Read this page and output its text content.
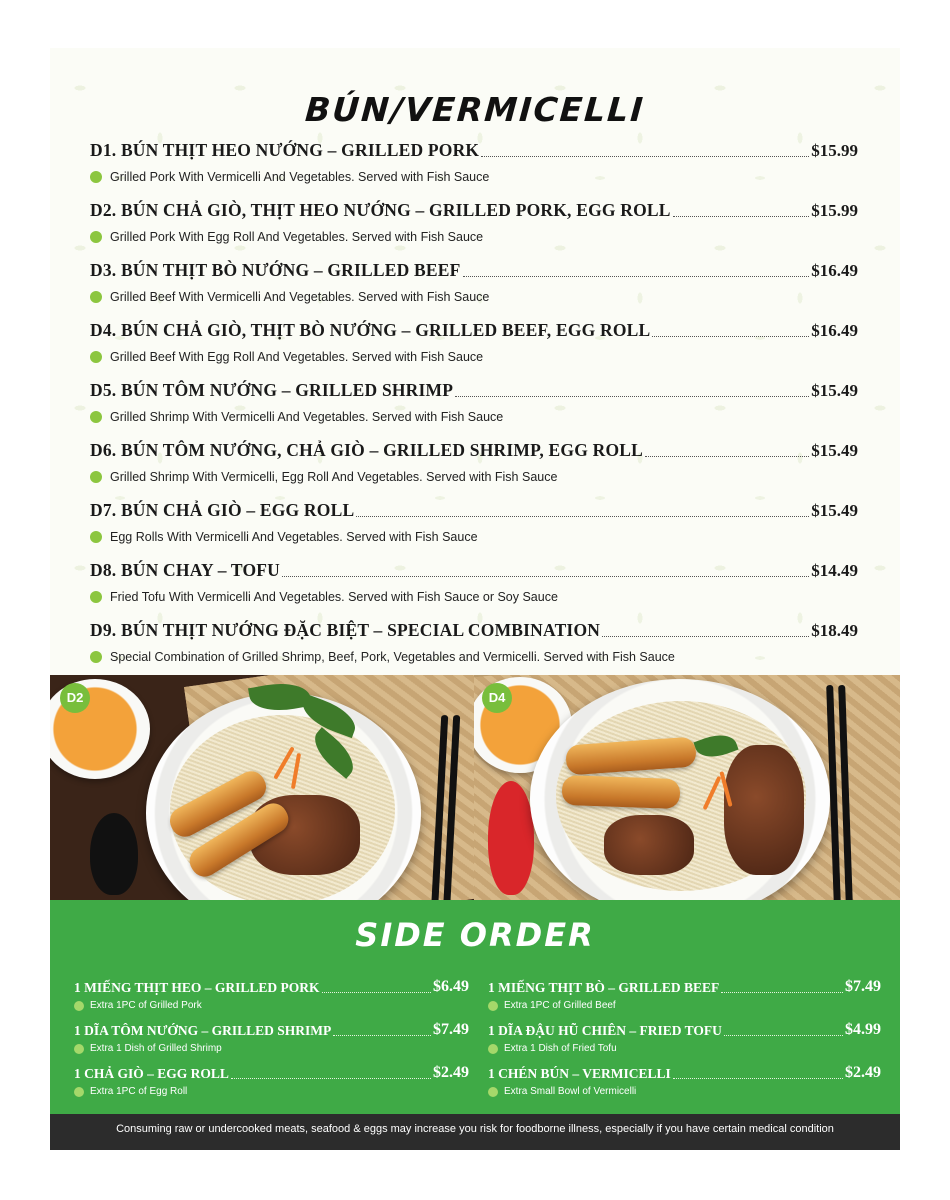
BÚN/VERMICELLI
D1. BÚN THỊT HEO NƯỚNG – GRILLED PORK	$15.99
Grilled Pork With Vermicelli And Vegetables. Served with Fish Sauce
D2. BÚN CHẢ GIÒ, THỊT HEO NƯỚNG – GRILLED PORK, EGG ROLL	$15.99
Grilled Pork With Egg Roll And Vegetables. Served with Fish Sauce
D3. BÚN THỊT BÒ NƯỚNG – GRILLED BEEF	$16.49
Grilled Beef With Vermicelli And Vegetables. Served with Fish Sauce
D4. BÚN CHẢ GIÒ, THỊT BÒ NƯỚNG – GRILLED BEEF, EGG ROLL	$16.49
Grilled Beef With Egg Roll And Vegetables. Served with Fish Sauce
D5. BÚN TÔM NƯỚNG – GRILLED SHRIMP	$15.49
Grilled Shrimp With Vermicelli And Vegetables. Served with Fish Sauce
D6. BÚN TÔM NƯỚNG, CHẢ GIÒ – GRILLED SHRIMP, EGG ROLL	$15.49
Grilled Shrimp With Vermicelli, Egg Roll And Vegetables. Served with Fish Sauce
D7. BÚN CHẢ GIÒ – EGG ROLL	$15.49
Egg Rolls With Vermicelli And Vegetables. Served with Fish Sauce
D8. BÚN CHAY – TOFU	$14.49
Fried Tofu With Vermicelli And Vegetables. Served with Fish Sauce or Soy Sauce
D9. BÚN THỊT NƯỚNG ĐẶC BIỆT – SPECIAL COMBINATION	$18.49
Special Combination of Grilled Shrimp, Beef, Pork, Vegetables and Vermicelli. Served with Fish Sauce
D2	D4
SIDE ORDER
1 MIẾNG THỊT HEO – GRILLED PORK	$6.49
Extra 1PC of Grilled Pork
1 DĨA TÔM NƯỚNG – GRILLED SHRIMP	$7.49
Extra 1 Dish of Grilled Shrimp
1 CHẢ GIÒ – EGG ROLL	$2.49
Extra 1PC of Egg Roll
1 MIẾNG THỊT BÒ – GRILLED BEEF	$7.49
Extra 1PC of Grilled Beef
1 DĨA ĐẬU HŨ CHIÊN – FRIED TOFU	$4.99
Extra 1 Dish of Fried Tofu
1 CHÉN BÚN – VERMICELLI	$2.49
Extra Small Bowl of Vermicelli
Consuming raw or undercooked meats, seafood & eggs may increase you risk for foodborne illness, especially if you have certain medical condition
